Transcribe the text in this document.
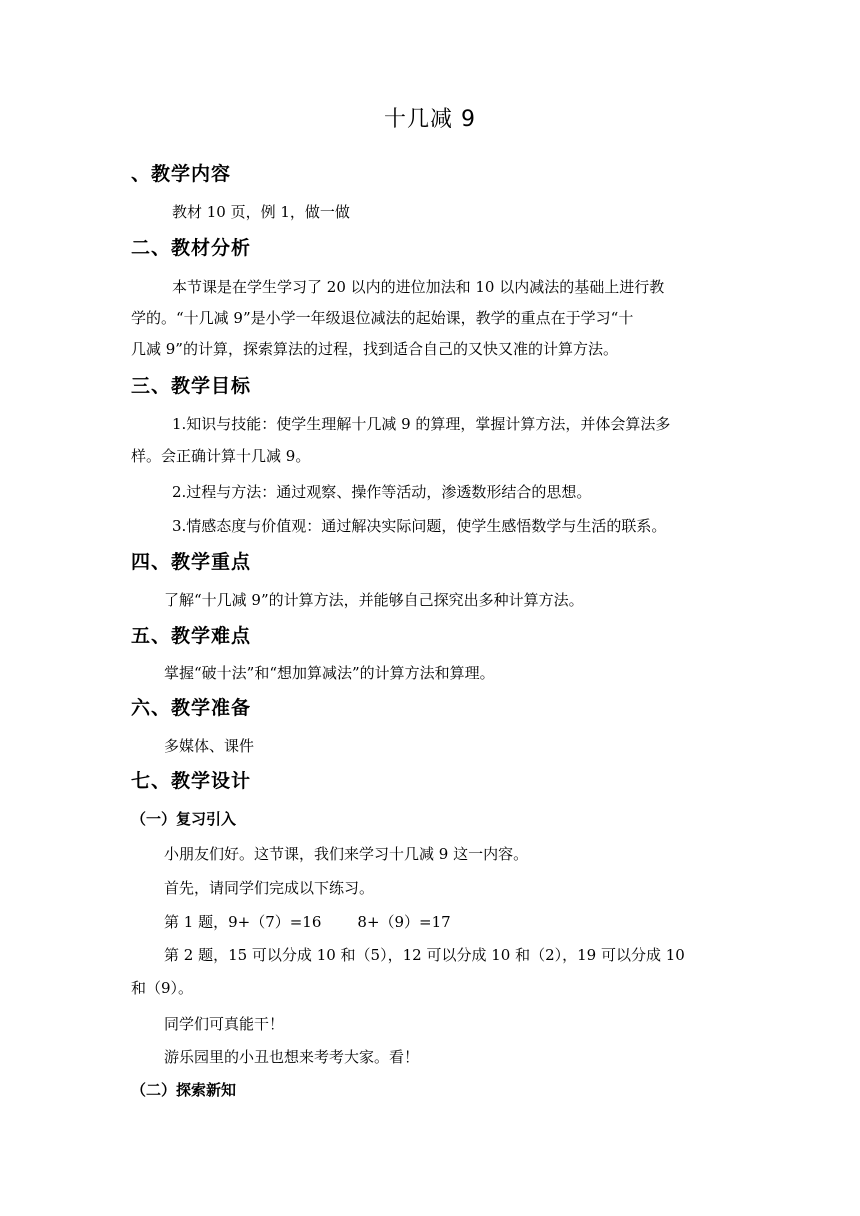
十几减 9
、教学内容
教材 10 页，例 1，做一做
二、教材分析
本节课是在学生学习了 20 以内的进位加法和 10 以内减法的基础上进行教
学的。“十几减 9”是小学一年级退位减法的起始课，教学的重点在于学习“十
几减 9”的计算，探索算法的过程，找到适合自己的又快又准的计算方法。
三、教学目标
1.知识与技能：使学生理解十几减 9 的算理，掌握计算方法，并体会算法多
样。会正确计算十几减 9。
2.过程与方法：通过观察、操作等活动，渗透数形结合的思想。
3.情感态度与价值观：通过解决实际问题，使学生感悟数学与生活的联系。
四、教学重点
了解“十几减 9”的计算方法，并能够自己探究出多种计算方法。
五、教学难点
掌握“破十法”和“想加算减法”的计算方法和算理。
六、教学准备
多媒体、课件
七、教学设计
（一）复习引入
小朋友们好。这节课，我们来学习十几减 9 这一内容。
首先，请同学们完成以下练习。
第 1 题，9+（7）=16 8+（9）=17
第 2 题，15 可以分成 10 和（5），12 可以分成 10 和（2），19 可以分成 10
和（9）。
同学们可真能干！
游乐园里的小丑也想来考考大家。看！
（二）探索新知
